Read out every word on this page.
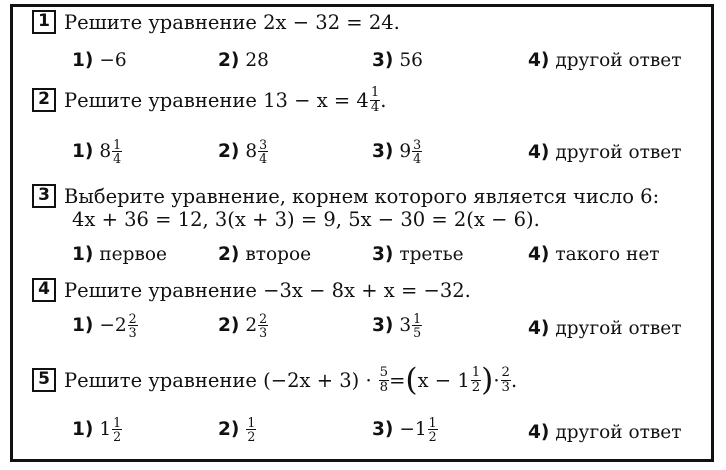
1 Решите уравнение 2x − 32 = 24.
1) −6	2) 28	3) 56	4) другой ответ
2 Решите уравнение $13 - x = 4 \frac{1}{4}$ .
1) $8 \frac{1}{4}$	2) $8 \frac{3}{4}$	3) $9 \frac{3}{4}$	4) другой ответ
3 Выберите уравнение, корнем которого является число 6:
4x + 36 = 12, 3(x + 3) = 9, 5x − 30 = 2(x − 6).
1) первое	2) второе	3) третье	4) такого нет
4 Решите уравнение −3x − 8x + x = −32.
$1) -2 \frac{2}{3}$	2) $2 \frac{2}{3}$	3) $3 \frac{1}{5}$	4) другой ответ
5 Решите уравнение $(-2x + 3) \cdot \frac{5}{8}$ = ( $x - 1 \frac{1}{2}$ ) · $\frac{2}{3}$ .
1) $1 \frac{1}{2}$	$2) \frac{1}{2}$	$3) -1 \frac{1}{2}$	4) другой ответ
